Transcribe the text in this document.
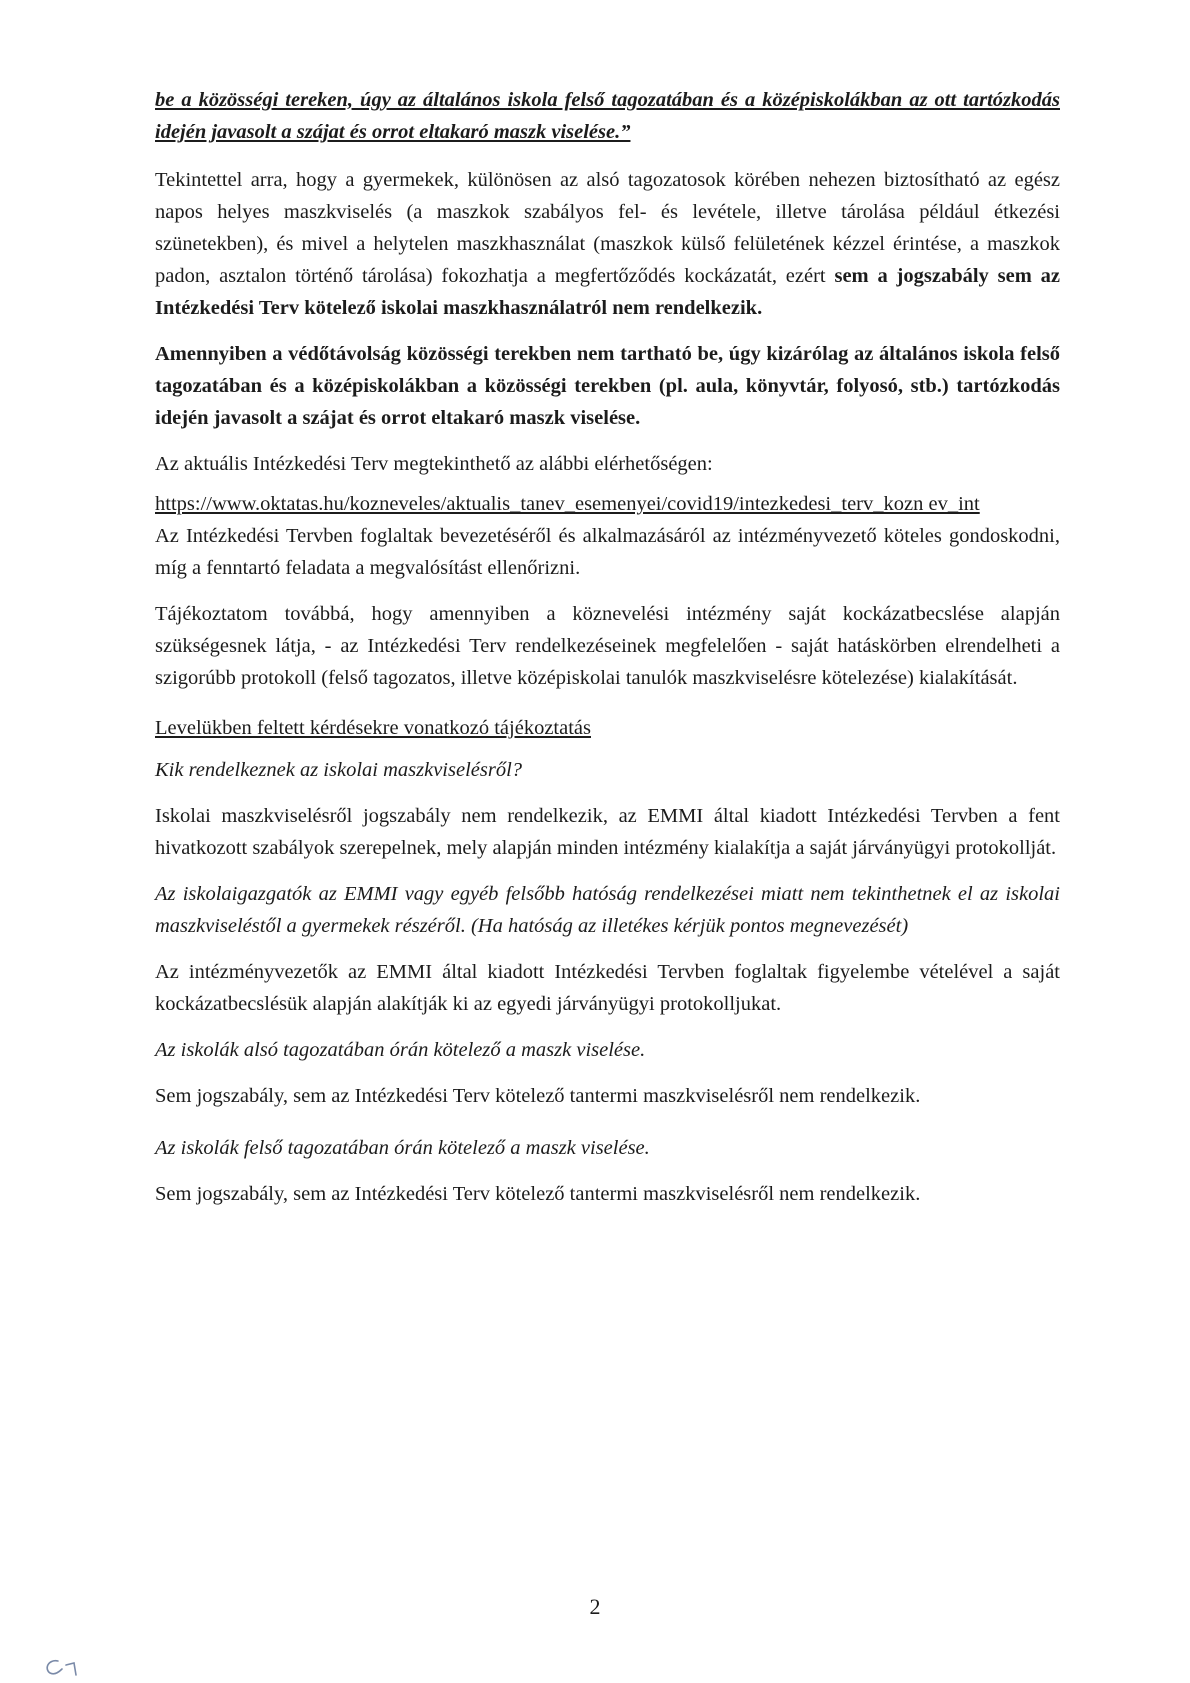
be a közösségi tereken, úgy az általános iskola felső tagozatában és a középiskolákban az ott tartózkodás idején javasolt a szájat és orrot eltakaró maszk viselése.”

Tekintettel arra, hogy a gyermekek, különösen az alsó tagozatosok körében nehezen biztosítható az egész napos helyes maszkviselés (a maszkok szabályos fel- és levétele, illetve tárolása például étkezési szünetekben), és mivel a helytelen maszkhasználat (maszkok külső felületének kézzel érintése, a maszkok padon, asztalon történő tárolása) fokozhatja a megfertőződés kockázatát, ezért sem a jogszabály sem az Intézkedési Terv kötelező iskolai maszkhasználatról nem rendelkezik.

Amennyiben a védőtávolság közösségi terekben nem tartható be, úgy kizárólag az általános iskola felső tagozatában és a középiskolákban a közösségi terekben (pl. aula, könyvtár, folyosó, stb.) tartózkodás idején javasolt a szájat és orrot eltakaró maszk viselése.

Az aktuális Intézkedési Terv megtekinthető az alábbi elérhetőségen:

https://www.oktatas.hu/kozneveles/aktualis_tanev_esemenyei/covid19/intezkedesi_terv_kozn ev_int

Az Intézkedési Tervben foglaltak bevezetéséről és alkalmazásáról az intézményvezető köteles gondoskodni, míg a fenntartó feladata a megvalósítást ellenőrizni.

Tájékoztatom továbbá, hogy amennyiben a köznevelési intézmény saját kockázatbecslése alapján szükségesnek látja, - az Intézkedési Terv rendelkezéseinek megfelelően - saját hatáskörben elrendelheti a szigorúbb protokoll (felső tagozatos, illetve középiskolai tanulók maszkviselésre kötelezése) kialakítását.

Levelükben feltett kérdésekre vonatkozó tájékoztatás

Kik rendelkeznek az iskolai maszkviselésről?

Iskolai maszkviselésről jogszabály nem rendelkezik, az EMMI által kiadott Intézkedési Tervben a fent hivatkozott szabályok szerepelnek, mely alapján minden intézmény kialakítja a saját járványügyi protokollját.

Az iskolaigazgatók az EMMI vagy egyéb felsőbb hatóság rendelkezései miatt nem tekinthetnek el az iskolai maszkviseléstől a gyermekek részéről. (Ha hatóság az illetékes kérjük pontos megnevezését)

Az intézményvezetők az EMMI által kiadott Intézkedési Tervben foglaltak figyelembe vételével a saját kockázatbecslésük alapján alakítják ki az egyedi járványügyi protokolljukat.

Az iskolák alsó tagozatában órán kötelező a maszk viselése.

Sem jogszabály, sem az Intézkedési Terv kötelező tantermi maszkviselésről nem rendelkezik.

Az iskolák felső tagozatában órán kötelező a maszk viselése.

Sem jogszabály, sem az Intézkedési Terv kötelező tantermi maszkviselésről nem rendelkezik.

2
